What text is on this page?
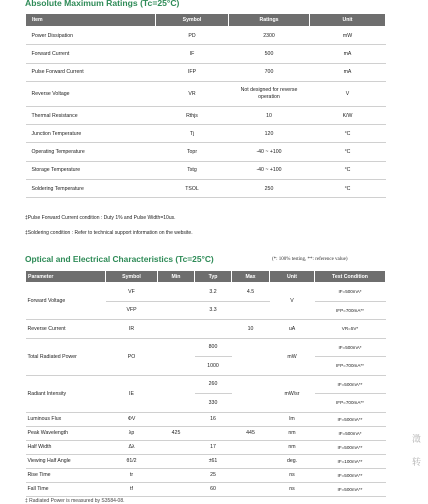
Absolute Maximum Ratings (Tc=25°C)
Item	Symbol	Ratings	Unit
Power Dissipation	PD	2300	mW
Forward Current	IF	500	mA
Pulse Forward Current	IFP	700	mA
Reverse Voltage	VR	Not designed for reverse operation	V
Thermal Resistance	Rthjs	10	K/W
Junction Temperature	Tj	120	°C
Operating Temperature	Topr	-40 ~ +100	°C
Storage Temperature	Tstg	-40 ~ +100	°C
Soldering Temperature	TSOL	250	°C
‡Pulse Forward Current condition : Duty 1% and Pulse Width=10us.
‡Soldering condition : Refer to technical support information on the website.
Optical and Electrical Characteristics (Tc=25°C)	(*: 100% testing, **: reference value)
Parameter	Symbol	Min	Typ	Max	Unit	Test Condition
Forward Voltage	VF		3.2	4.5	V	IF=500mA*
	VFP		3.3			IFP=700mA**
Reverse Current	IR			10	uA	VR=5V*
Total Radiated Power	PO		800		mW	IF=500mA*
			1000			IFP=700mA**
Radiant Intensity	IE		260		mW/sr	IF=500mA**
			330			IFP=700mA**
Luminous Flux	ΦV		16		lm	IF=500mA**
Peak Wavelength	λp	425		445	nm	IF=500mA*
Half Width	Δλ		17		nm	IF=500mA**
Viewing Half Angle	θ1/2		±61		deg.	IF=100mA**
Rise Time	tr		25		ns	IF=500mA**
Fall Time	tf		60		ns	IF=500mA**
‡ Radiated Power is measured by S3584-08.
澂
转
